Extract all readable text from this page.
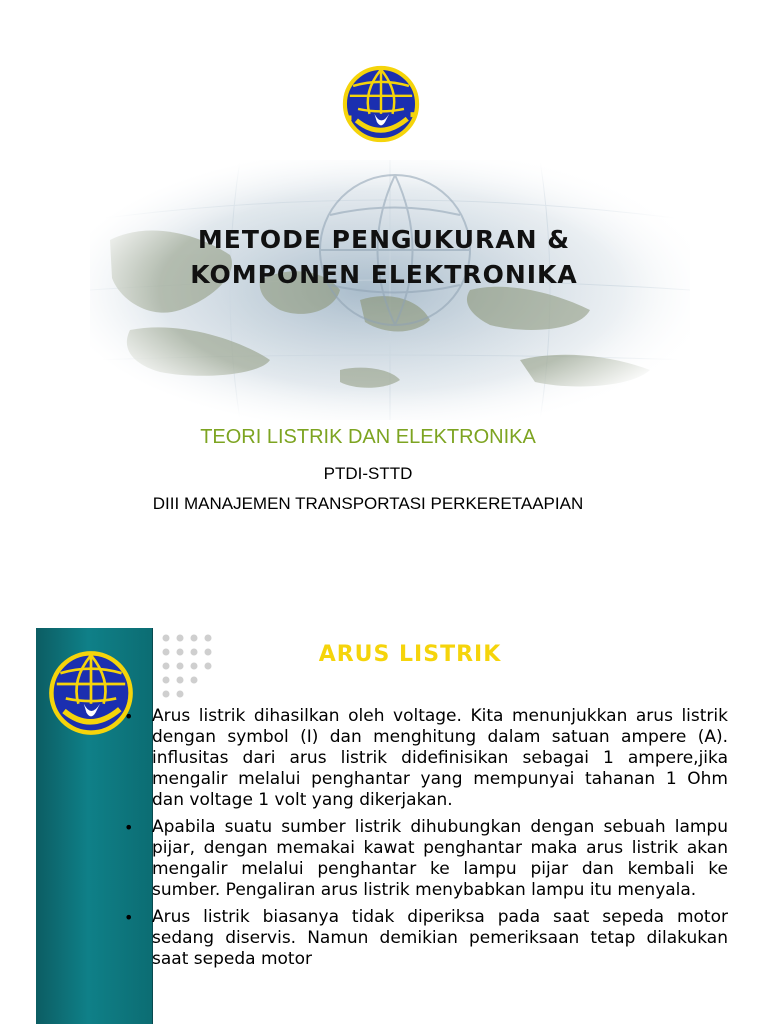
METODE PENGUKURAN &
KOMPONEN ELEKTRONIKA

TEORI LISTRIK DAN ELEKTRONIKA

PTDI-STTD

DIII MANAJEMEN TRANSPORTASI PERKERETAAPIAN

ARUS LISTRIK
• Arus listrik dihasilkan oleh voltage. Kita menunjukkan arus listrik dengan symbol (I) dan menghitung dalam satuan ampere (A). influsitas dari arus listrik didefinisikan sebagai 1 ampere,jika mengalir melalui penghantar yang mempunyai tahanan 1 Ohm dan voltage 1 volt yang dikerjakan.
• Apabila suatu sumber listrik dihubungkan dengan sebuah lampu pijar, dengan memakai kawat penghantar maka arus listrik akan mengalir melalui penghantar ke lampu pijar dan kembali ke sumber. Pengaliran arus listrik menybabkan lampu itu menyala.
• Arus listrik biasanya tidak diperiksa pada saat sepeda motor sedang diservis. Namun demikian pemeriksaan tetap dilakukan saat sepeda motor
